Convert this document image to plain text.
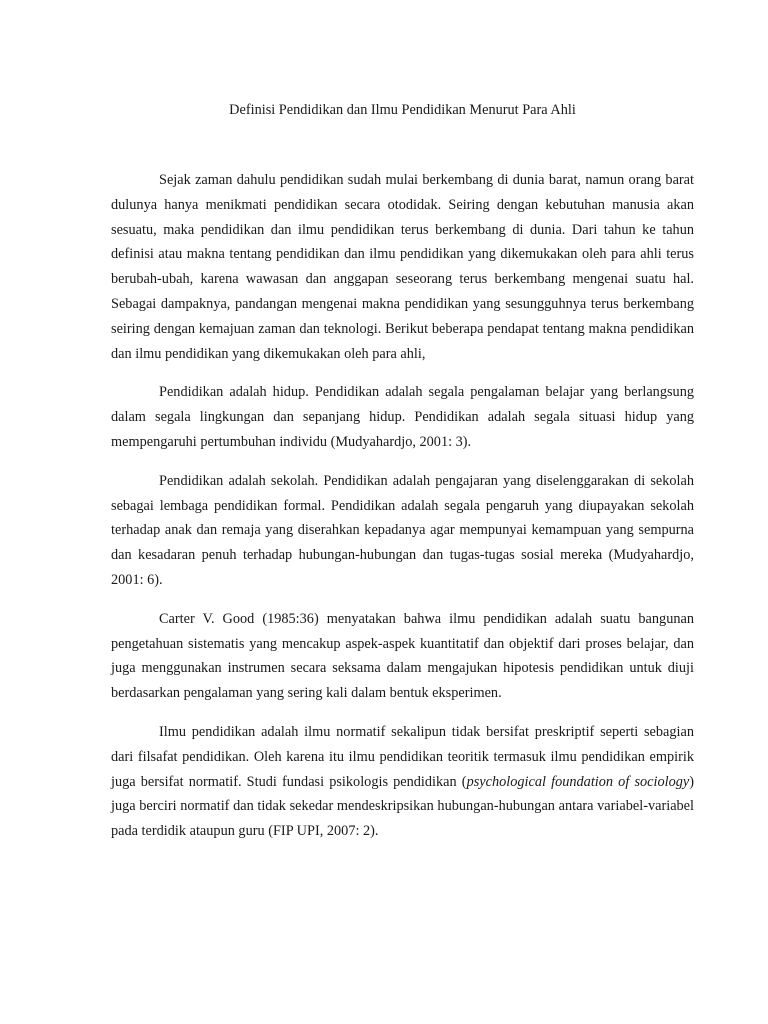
Definisi Pendidikan dan Ilmu Pendidikan Menurut Para Ahli

Sejak zaman dahulu pendidikan sudah mulai berkembang di dunia barat, namun orang barat dulunya hanya menikmati pendidikan secara otodidak. Seiring dengan kebutuhan manusia akan sesuatu, maka pendidikan dan ilmu pendidikan terus berkembang di dunia. Dari tahun ke tahun definisi atau makna tentang pendidikan dan ilmu pendidikan yang dikemukakan oleh para ahli terus berubah-ubah, karena wawasan dan anggapan seseorang terus berkembang mengenai suatu hal. Sebagai dampaknya, pandangan mengenai makna pendidikan yang sesungguhnya terus berkembang seiring dengan kemajuan zaman dan teknologi. Berikut beberapa pendapat tentang makna pendidikan dan ilmu pendidikan yang dikemukakan oleh para ahli,

Pendidikan adalah hidup. Pendidikan adalah segala pengalaman belajar yang berlangsung dalam segala lingkungan dan sepanjang hidup. Pendidikan adalah segala situasi hidup yang mempengaruhi pertumbuhan individu (Mudyahardjo, 2001: 3).

Pendidikan adalah sekolah. Pendidikan adalah pengajaran yang diselenggarakan di sekolah sebagai lembaga pendidikan formal. Pendidikan adalah segala pengaruh yang diupayakan sekolah terhadap anak dan remaja yang diserahkan kepadanya agar mempunyai kemampuan yang sempurna dan kesadaran penuh terhadap hubungan-hubungan dan tugas-tugas sosial mereka (Mudyahardjo, 2001: 6).

Carter V. Good (1985:36) menyatakan bahwa ilmu pendidikan adalah suatu bangunan pengetahuan sistematis yang mencakup aspek-aspek kuantitatif dan objektif dari proses belajar, dan juga menggunakan instrumen secara seksama dalam mengajukan hipotesis pendidikan untuk diuji berdasarkan pengalaman yang sering kali dalam bentuk eksperimen.

Ilmu pendidikan adalah ilmu normatif sekalipun tidak bersifat preskriptif seperti sebagian dari filsafat pendidikan. Oleh karena itu ilmu pendidikan teoritik termasuk ilmu pendidikan empirik juga bersifat normatif. Studi fundasi psikologis pendidikan (psychological foundation of sociology) juga berciri normatif dan tidak sekedar mendeskripsikan hubungan-hubungan antara variabel-variabel pada terdidik ataupun guru (FIP UPI, 2007: 2).
